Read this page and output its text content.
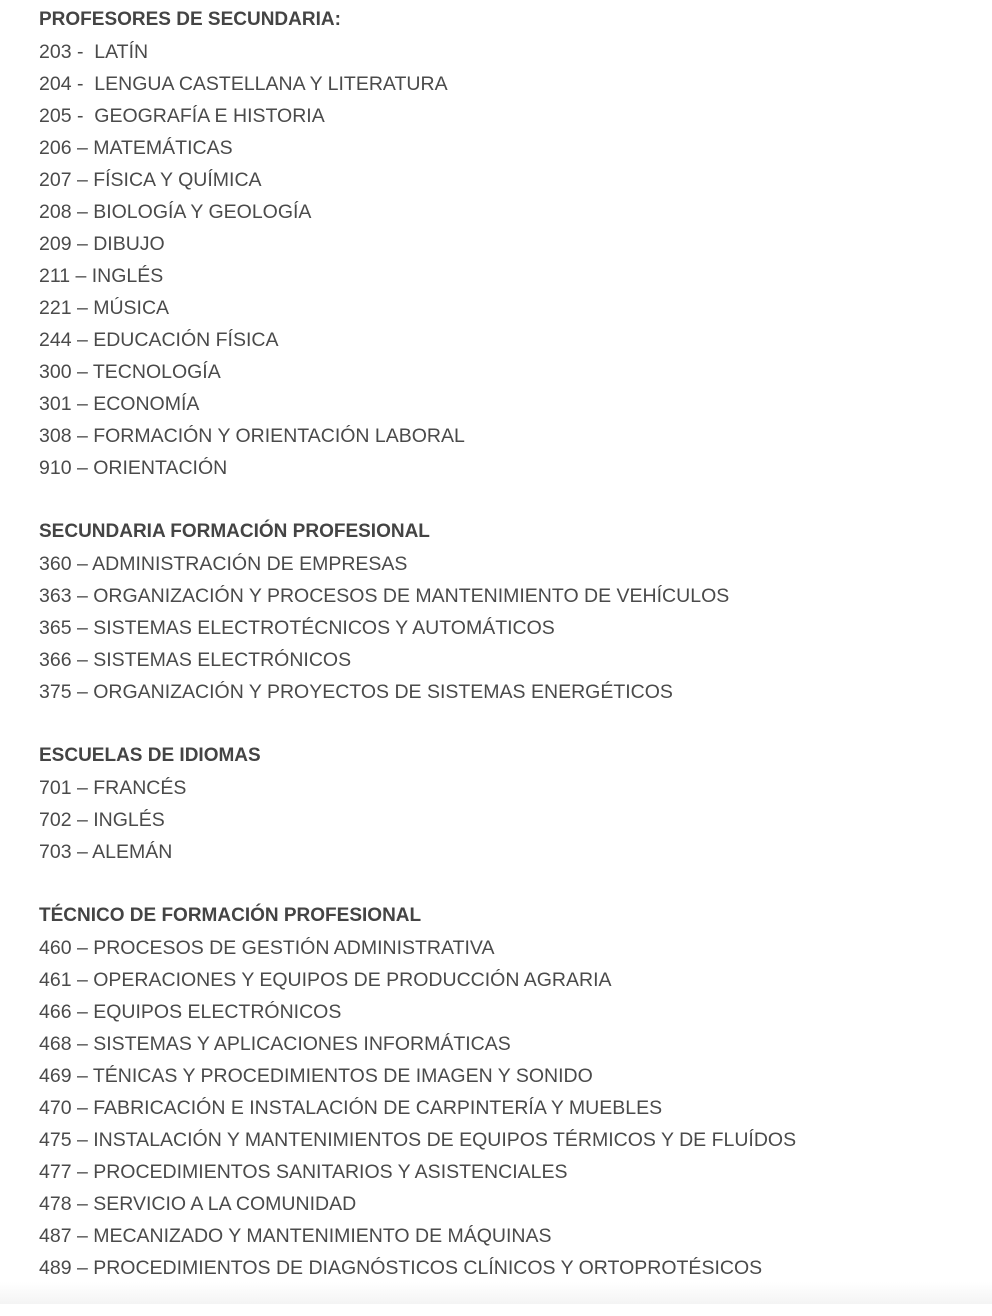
PROFESORES DE SECUNDARIA:
203 -  LATÍN
204 -  LENGUA CASTELLANA Y LITERATURA
205 -  GEOGRAFÍA E HISTORIA
206 – MATEMÁTICAS
207 – FÍSICA Y QUÍMICA
208 – BIOLOGÍA Y GEOLOGÍA
209 – DIBUJO
211 – INGLÉS
221 – MÚSICA
244 – EDUCACIÓN FÍSICA
300 – TECNOLOGÍA
301 – ECONOMÍA
308 – FORMACIÓN Y ORIENTACIÓN LABORAL
910 – ORIENTACIÓN
SECUNDARIA FORMACIÓN PROFESIONAL
360 – ADMINISTRACIÓN DE EMPRESAS
363 – ORGANIZACIÓN Y PROCESOS DE MANTENIMIENTO DE VEHÍCULOS
365 – SISTEMAS ELECTROTÉCNICOS Y AUTOMÁTICOS
366 – SISTEMAS ELECTRÓNICOS
375 – ORGANIZACIÓN Y PROYECTOS DE SISTEMAS ENERGÉTICOS
ESCUELAS DE IDIOMAS
701 – FRANCÉS
702 – INGLÉS
703 – ALEMÁN
TÉCNICO DE FORMACIÓN PROFESIONAL
460 – PROCESOS DE GESTIÓN ADMINISTRATIVA
461 – OPERACIONES Y EQUIPOS DE PRODUCCIÓN AGRARIA
466 – EQUIPOS ELECTRÓNICOS
468 – SISTEMAS Y APLICACIONES INFORMÁTICAS
469 – TÉNICAS Y PROCEDIMIENTOS DE IMAGEN Y SONIDO
470 – FABRICACIÓN E INSTALACIÓN DE CARPINTERÍA Y MUEBLES
475 – INSTALACIÓN Y MANTENIMIENTOS DE EQUIPOS TÉRMICOS Y DE FLUÍDOS
477 – PROCEDIMIENTOS SANITARIOS Y ASISTENCIALES
478 – SERVICIO A LA COMUNIDAD
487 – MECANIZADO Y MANTENIMIENTO DE MÁQUINAS
489 – PROCEDIMIENTOS DE DIAGNÓSTICOS CLÍNICOS Y ORTOPROTÉSICOS
